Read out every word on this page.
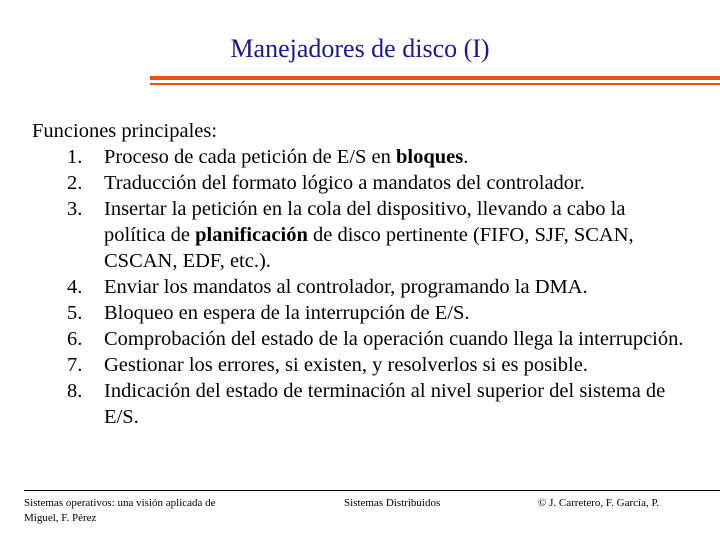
Manejadores de disco (I)

Funciones principales:

1. Proceso de cada petición de E/S en bloques.
2. Traducción del formato lógico a mandatos del controlador.
3. Insertar la petición en la cola del dispositivo, llevando a cabo la política de planificación de disco pertinente (FIFO, SJF, SCAN, CSCAN, EDF, etc.).
4. Enviar los mandatos al controlador, programando la DMA.
5. Bloqueo en espera de la interrupción de E/S.
6. Comprobación del estado de la operación cuando llega la interrupción.
7. Gestionar los errores, si existen, y resolverlos si es posible.
8. Indicación del estado de terminación al nivel superior del sistema de E/S.
Sistemas operativos: una visión aplicada de Miguel, F. Pérez
Sistemas Distribuidos	© J. Carretero, F. García, P.
